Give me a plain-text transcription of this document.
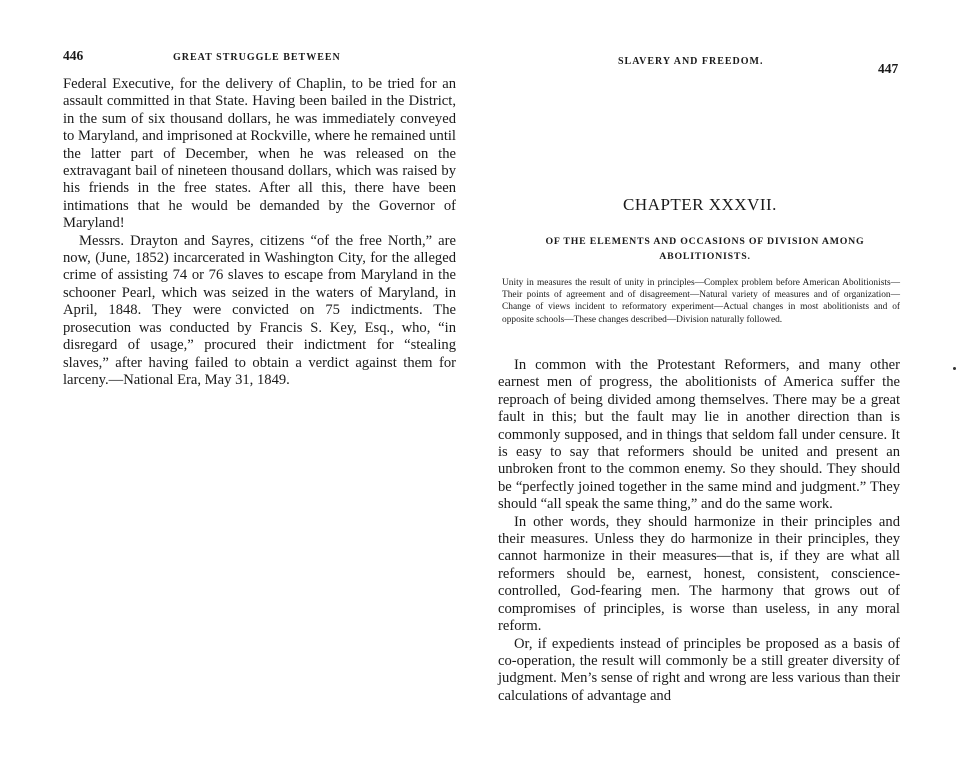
446	GREAT STRUGGLE BETWEEN

Federal Executive, for the delivery of Chaplin, to be tried for an assault committed in that State. Having been bailed in the District, in the sum of six thousand dollars, he was immediately conveyed to Maryland, and imprisoned at Rockville, where he remained until the latter part of December, when he was released on the extravagant bail of nineteen thousand dollars, which was raised by his friends in the free states. After all this, there have been intimations that he would be demanded by the Governor of Maryland!

Messrs. Drayton and Sayres, citizens “of the free North,” are now, (June, 1852) incarcerated in Washington City, for the alleged crime of assisting 74 or 76 slaves to escape from Maryland in the schooner Pearl, which was seized in the waters of Maryland, in April, 1848. They were convicted on 75 indictments. The prosecution was conducted by Francis S. Key, Esq., who, “in disregard of usage,” procured their indictment for “stealing slaves,” after having failed to obtain a verdict against them for larceny.—National Era, May 31, 1849.

SLAVERY AND FREEDOM.	447
CHAPTER XXXVII.
OF THE ELEMENTS AND OCCASIONS OF DIVISION AMONG ABOLITIONISTS.
Unity in measures the result of unity in principles—Complex problem before American Abolitionists—Their points of agreement and of disagreement—Natural variety of measures and of organization—Change of views incident to reformatory experiment—Actual changes in most abolitionists and of opposite schools—These changes described—Division naturally followed.

In common with the Protestant Reformers, and many other earnest men of progress, the abolitionists of America suffer the reproach of being divided among themselves. There may be a great fault in this; but the fault may lie in another direction than is commonly supposed, and in things that seldom fall under censure. It is easy to say that reformers should be united and present an unbroken front to the common enemy. So they should. They should be “perfectly joined together in the same mind and judgment.” They should “all speak the same thing,” and do the same work.

In other words, they should harmonize in their principles and their measures. Unless they do harmonize in their principles, they cannot harmonize in their measures—that is, if they are what all reformers should be, earnest, honest, consistent, conscience-controlled, God-fearing men. The harmony that grows out of compromises of principles, is worse than useless, in any moral reform.

Or, if expedients instead of principles be proposed as a basis of co-operation, the result will commonly be a still greater diversity of judgment. Men’s sense of right and wrong are less various than their calculations of advantage and
